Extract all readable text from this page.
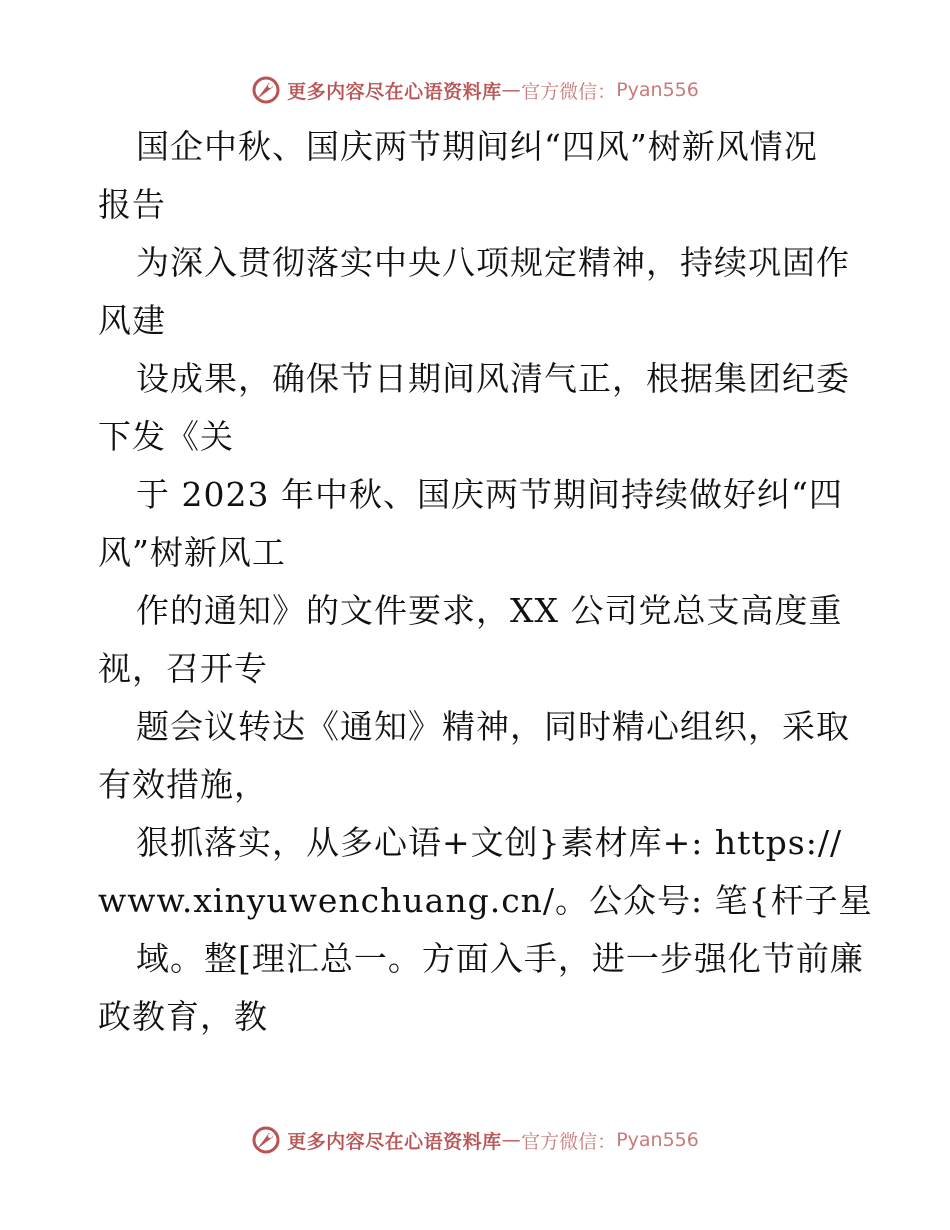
更多内容尽在心语资料库 — 官方微信： Pyan556
国企中秋、国庆两节期间纠“四风”树新风情况
报告
为深入贯彻落实中央八项规定精神，持续巩固作
风建
设成果，确保节日期间风清气正，根据集团纪委
下发《关
于 2023 年中秋、国庆两节期间持续做好纠“四
风”树新风工
作的通知》的文件要求，XX 公司党总支高度重
视，召开专
题会议转达《通知》精神，同时精心组织，采取
有效措施，
狠抓落实，从多心语+文创}素材库+: https://
www.xinyuwenchuang.cn/。公众号: 笔{杆子星
域。整[理汇总一。方面入手，进一步强化节前廉
政教育，教
更多内容尽在心语资料库 — 官方微信： Pyan556
